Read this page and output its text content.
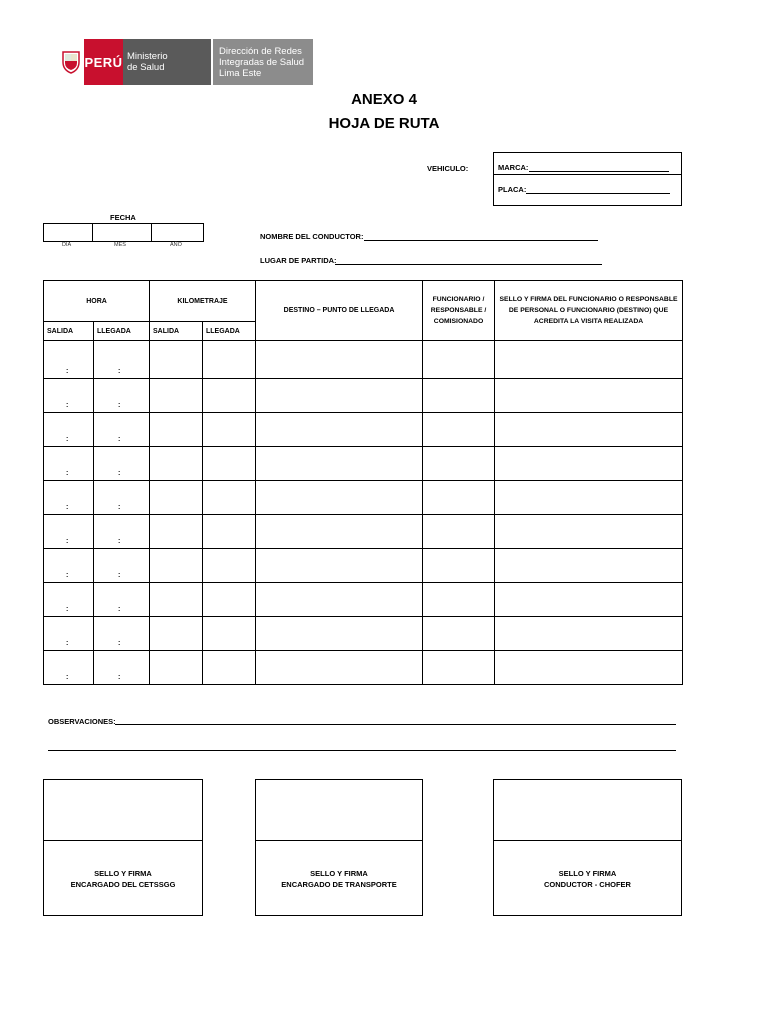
PERÚ Ministerio
de Salud
Dirección de Redes
Integradas de Salud
Lima Este
ANEXO 4
HOJA DE RUTA
VEHICULO:	MARCA:
PLACA:
FECHA

DIA	MES	AÑO
NOMBRE DEL CONDUCTOR:
LUGAR DE PARTIDA:
HORA		KILOMETRAJE		DESTINO – PUNTO DE LLEGADA	FUNCIONARIO / RESPONSABLE / COMISIONADO	SELLO Y FIRMA DEL FUNCIONARIO O RESPONSABLE DE PERSONAL O FUNCIONARIO (DESTINO) QUE ACREDITA LA VISITA REALIZADA
SALIDA	LLEGADA	SALIDA	LLEGADA			
:	:					
:	:					
:	:					
:	:					
:	:					
:	:					
:	:					
:	:					
:	:					
:	:					
OBSERVACIONES:
SELLO Y FIRMA
ENCARGADO DEL CETSSGG
SELLO Y FIRMA
ENCARGADO DE TRANSPORTE
SELLO Y FIRMA
CONDUCTOR - CHOFER
